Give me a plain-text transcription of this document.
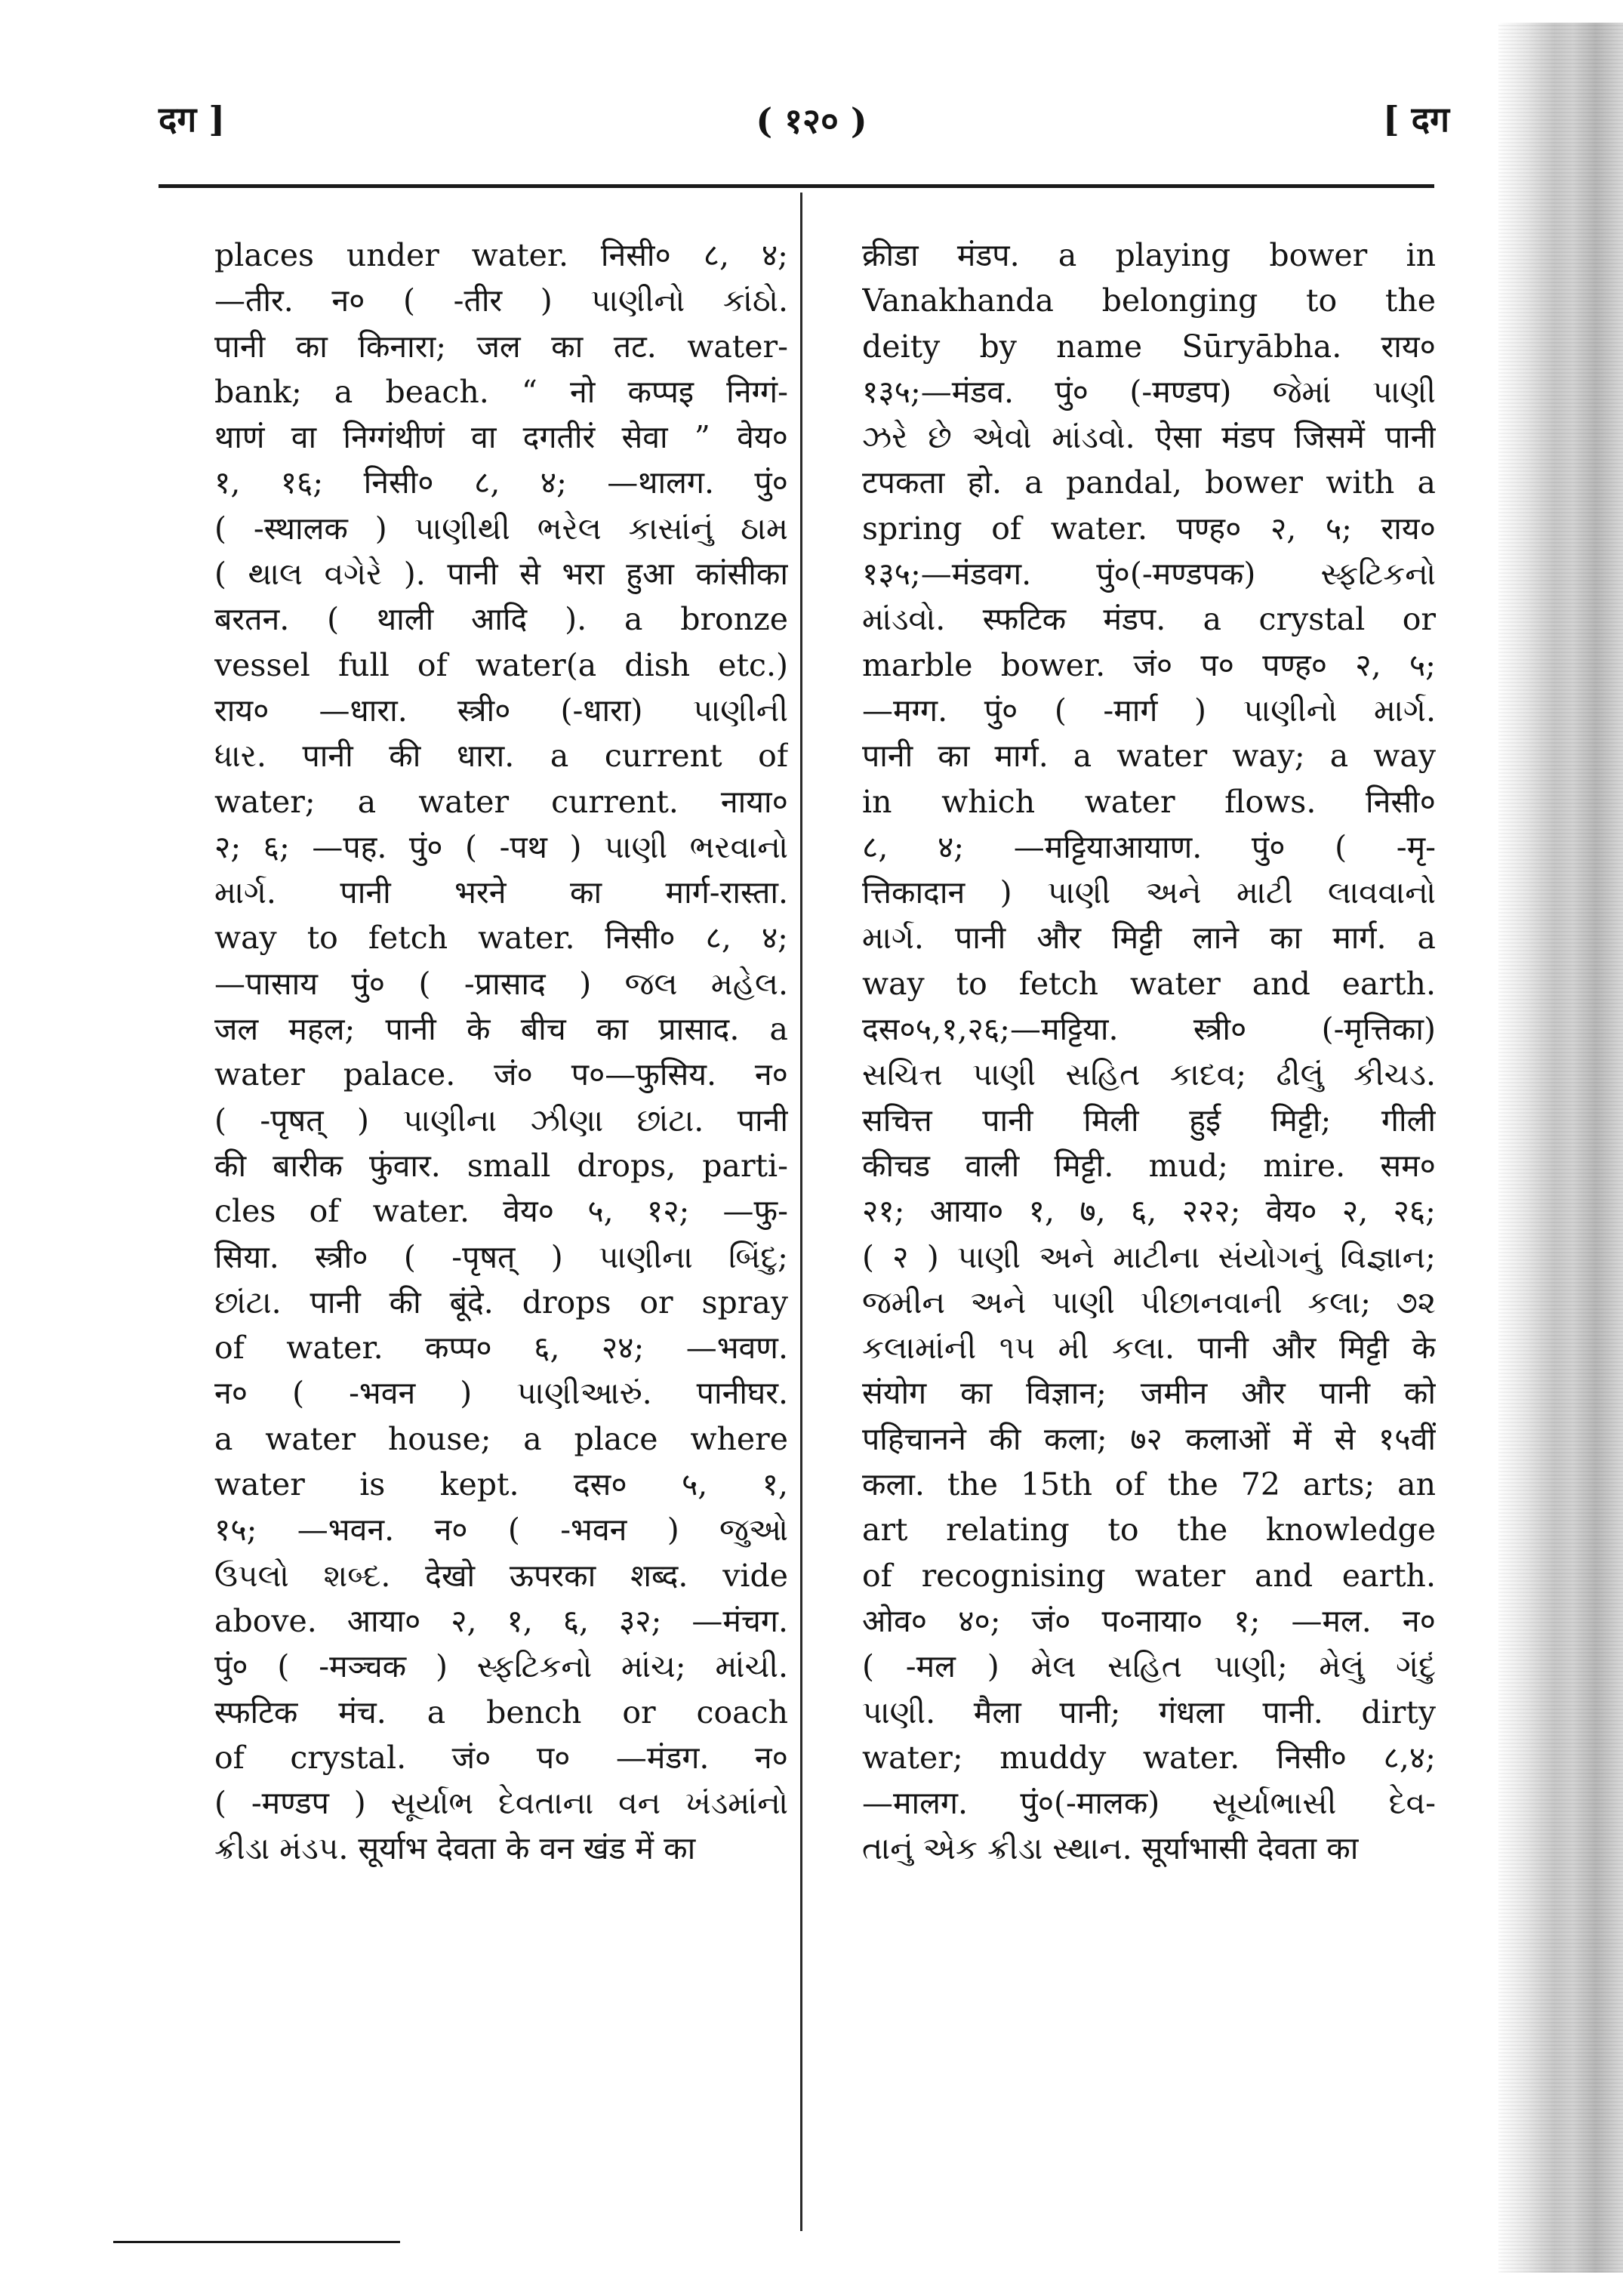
दग ]	( १२० )	[ दग
places under water. निसी० ८, ४;
—तीर. न० ( -तीर ) પાણીનો કાંઠો.
पानी का किनारा; जल का तट. water-
bank; a beach. “ नो कप्पइ निग्गं-
थाणं वा निग्गंथीणं वा दगतीरं सेवा ” वेय०
१, १६; निसी० ८, ४; —थालग. पुं०
( -स्थालक ) પાણીથી ભરેલ કાસાંનું ઠામ
( થાલ વગેરે ). पानी से भरा हुआ कांसीका
बरतन. ( थाली आदि ). a bronze
vessel full of water(a dish etc.)
राय० —धारा. स्त्री० (-धारा) પાણીની
ધાર. पानी की धारा. a current of
water; a water current. नाया०
२; ६; —पह. पुं० ( -पथ ) પાણી ભરવાનો
માર્ગ. पानी भरने का मार्ग-रास्ता.
way to fetch water. निसी० ८, ४;
—पासाय पुं० ( -प्रासाद ) જલ મહેલ.
जल महल; पानी के बीच का प्रासाद. a
water palace. जं० प०—फुसिय. न०
( -पृषत् ) પાણીના ઝીણા છાંટા. पानी
की बारीक फुंवार. small drops, parti-
cles of water. वेय० ५, १२; —फु-
सिया. स्त्री० ( -पृषत् ) પાણીના બિંદુ;
છાંટા. पानी की बूंदे. drops or spray
of water. कप्प० ६, २४; —भवण.
न० ( -भवन ) પાણીઆરું. पानीघर.
a water house; a place where
water is kept. दस० ५, १,
१५; —भवन. न० ( -भवन ) જુઓ
ઉપલો શબ્દ. देखो ऊपरका शब्द. vide
above. आया० २, १, ६, ३२; —मंचग.
पुं० ( -मञ्चक ) સ્ફટિકનો માંચ; માંચી.
स्फटिक मंच. a bench or coach
of crystal. जं० प० —मंडग. न०
( -मण्डप ) સૂર્યાભ દેવતાના વન ખંડમાંનો
ક્રીડા મંડપ. सूर्याभ देवता के वन खंड में का
क्रीडा मंडप. a playing bower in
Vanakhanda belonging to the
deity by name Sūryābha. राय०
१३५;—मंडव. पुं० (-मण्डप) જેમાં પાણી
ઝરે છે એવો માંડવો. ऐसा मंडप जिसमें पानी
टपकता हो. a pandal, bower with a
spring of water. पण्ह० २, ५; राय०
१३५;—मंडवग. पुं०(-मण्डपक) સ્ફટિકનો
માંડવો. स्फटिक मंडप. a crystal or
marble bower. जं० प० पण्ह० २, ५;
—मग्ग. पुं० ( -मार्ग ) પાણીનો માર્ગ.
पानी का मार्ग. a water way; a way
in which water flows. निसी०
८, ४; —मट्टियाआयाण. पुं० ( -मृ-
त्तिकादान ) પાણી અને માટી લાવવાનો
માર્ગ. पानी और मिट्टी लाने का मार्ग. a
way to fetch water and earth.
दस०५,१,२६;—मट्टिया. स्त्री० (-मृत्तिका)
સચિત્ત પાણી સહિત કાદવ; ઢીલું કીચડ.
सचित्त पानी मिली हुई मिट्टी; गीली
कीचड वाली मिट्टी. mud; mire. सम०
२१; आया० १, ७, ६, २२२; वेय० २, २६;
( २ ) પાણી અને માટીના સંયોગનું વિજ્ઞાન;
જમીન અને પાણી પીછાનવાની કલા; ૭૨
કલામાંની ૧૫ મી કલા. पानी और मिट्टी के
संयोग का विज्ञान; जमीन और पानी को
पहिचानने की कला; ७२ कलाओं में से १५वीं
कला. the 15th of the 72 arts; an
art relating to the knowledge
of recognising water and earth.
ओव० ४०; जं० प०नाया० १; —मल. न०
( -मल ) મેલ સહિત પાણી; મેલું ગંદું
પાણી. मैला पानी; गंधला पानी. dirty
water; muddy water. निसी० ८,४;
—मालग. पुं०(-मालक) સૂર્યાભાસી દેવ-
તાનું એક ક્રીડા સ્થાન. सूर्याभासी देवता का
